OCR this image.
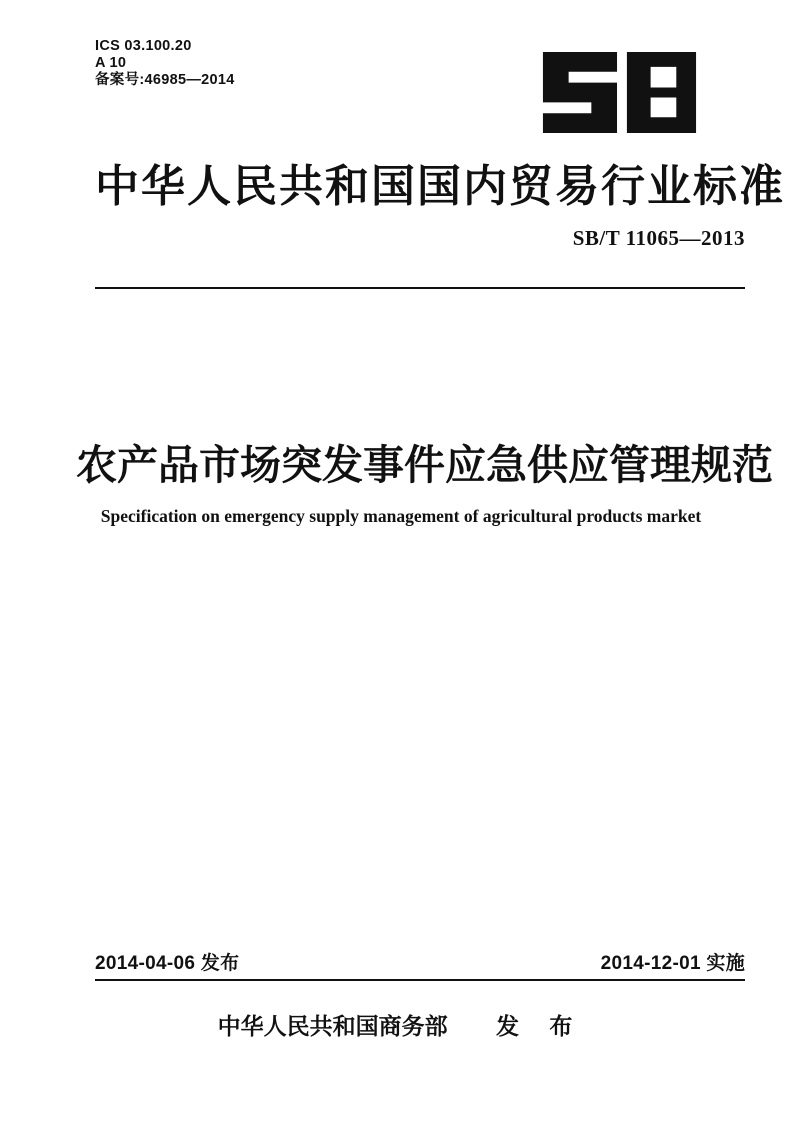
ICS 03.100.20
A 10
备案号:46985—2014
中华人民共和国国内贸易行业标准
SB/T 11065—2013
农产品市场突发事件应急供应管理规范
Specification on emergency supply management of agricultural products market
2014-04-06 发布	2014-12-01 实施
中华人民共和国商务部 发 布
